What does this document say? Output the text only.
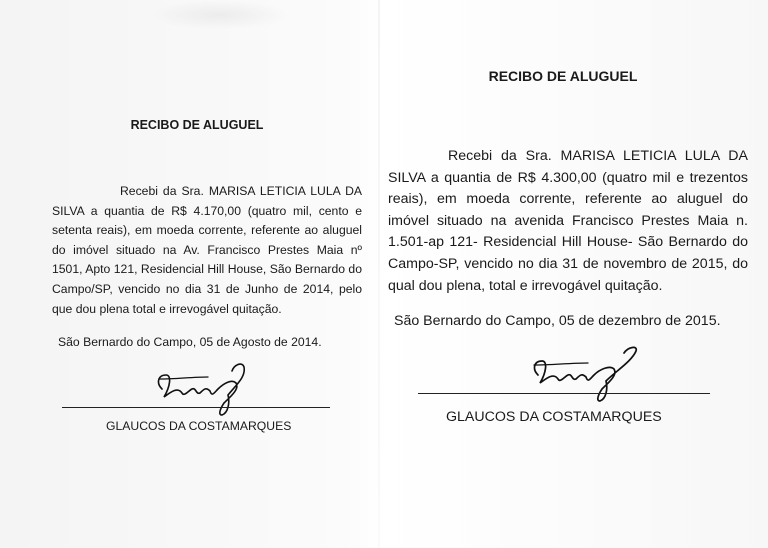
RECIBO DE ALUGUEL

Recebi da Sra. MARISA LETICIA LULA DA SILVA a quantia de R$ 4.170,00 (quatro mil, cento e setenta reais), em moeda corrente, referente ao aluguel do imóvel situado na Av. Francisco Prestes Maia nº 1501, Apto 121, Residencial Hill House, São Bernardo do Campo/SP, vencido no dia 31 de Junho de 2014, pelo que dou plena total e irrevogável quitação.

São Bernardo do Campo, 05 de Agosto de 2014.

GLAUCOS DA COSTAMARQUES

RECIBO DE ALUGUEL

Recebi da Sra. MARISA LETICIA LULA DA SILVA a quantia de R$ 4.300,00 (quatro mil e trezentos reais), em moeda corrente, referente ao aluguel do imóvel situado na avenida Francisco Prestes Maia n. 1.501-ap 121- Residencial Hill House- São Bernardo do Campo-SP, vencido no dia 31 de novembro de 2015, do qual dou plena, total e irrevogável quitação.

São Bernardo do Campo, 05 de dezembro de 2015.

GLAUCOS DA COSTAMARQUES
